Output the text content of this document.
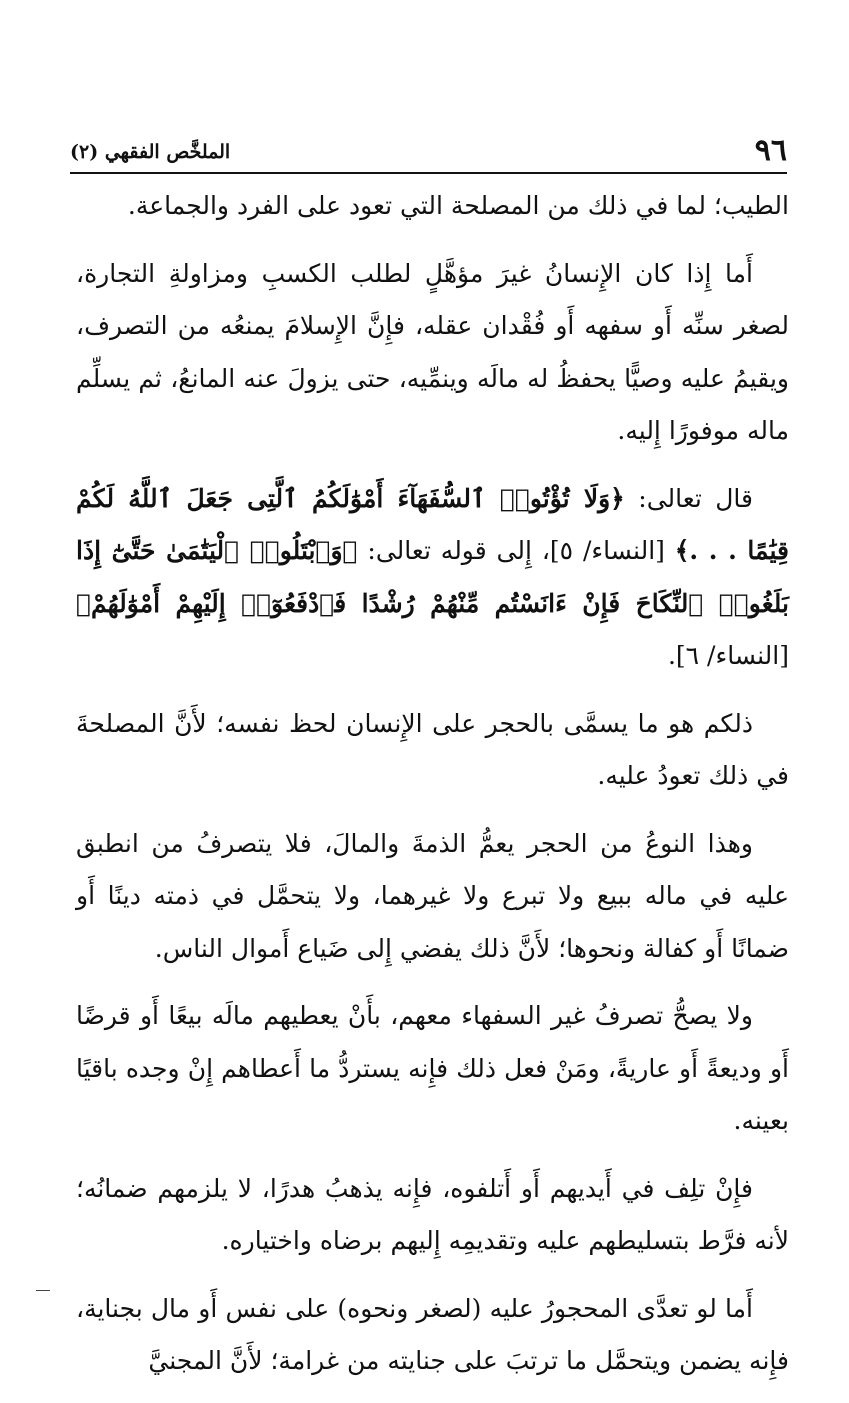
٩٦
الملخَّص الفقهي (٢)

الطيب؛ لما في ذلك من المصلحة التي تعود على الفرد والجماعة.

أَما إِذا كان الإِنسانُ غيرَ مؤهَّلٍ لطلب الكسبِ ومزاولةِ التجارة، لصغر سنِّه أَو سفهه أَو فُقْدان عقله، فإِنَّ الإِسلامَ يمنعُه من التصرف، ويقيمُ عليه وصيًّا يحفظُ له مالَه وينمِّيه، حتى يزولَ عنه المانعُ، ثم يسلِّم ماله موفورًا إِليه.

قال تعالى: ﴿وَلَا تُؤْتُوا۟ ٱلسُّفَهَآءَ أَمْوَٰلَكُمُ ٱلَّتِى جَعَلَ ٱللَّهُ لَكُمْ قِيَٰمًا . . .﴾ [النساء/ ٥]، إِلى قوله تعالى: ﴿وَٱبْتَلُوا۟ ٱلْيَتَٰمَىٰ حَتَّىٰٓ إِذَا بَلَغُوا۟ ٱلنِّكَاحَ فَإِنْ ءَانَسْتُم مِّنْهُمْ رُشْدًا فَٱدْفَعُوٓا۟ إِلَيْهِمْ أَمْوَٰلَهُمْ﴾ [النساء/ ٦].

ذلكم هو ما يسمَّى بالحجر على الإِنسان لحظ نفسه؛ لأَنَّ المصلحةَ في ذلك تعودُ عليه.

وهذا النوعُ من الحجر يعمُّ الذمةَ والمالَ، فلا يتصرفُ من انطبق عليه في ماله ببيع ولا تبرع ولا غيرهما، ولا يتحمَّل في ذمته دينًا أَو ضمانًا أَو كفالة ونحوها؛ لأَنَّ ذلك يفضي إِلى ضَياع أَموال الناس.

ولا يصحُّ تصرفُ غير السفهاء معهم، بأَنْ يعطيهم مالَه بيعًا أَو قرضًا أَو وديعةً أَو عاريةً، ومَنْ فعل ذلك فإِنه يستردُّ ما أَعطاهم إِنْ وجده باقيًا بعينه.

فإِنْ تلِف في أَيديهم أَو أَتلفوه، فإِنه يذهبُ هدرًا، لا يلزمهم ضمانُه؛ لأنه فرَّط بتسليطهم عليه وتقديمِه إِليهم برضاه واختياره.

أَما لو تعدَّى المحجورُ عليه (لصغر ونحوه) على نفس أَو مال بجناية، فإِنه يضمن ويتحمَّل ما ترتبَ على جنايته من غرامة؛ لأَنَّ المجنيَّ
